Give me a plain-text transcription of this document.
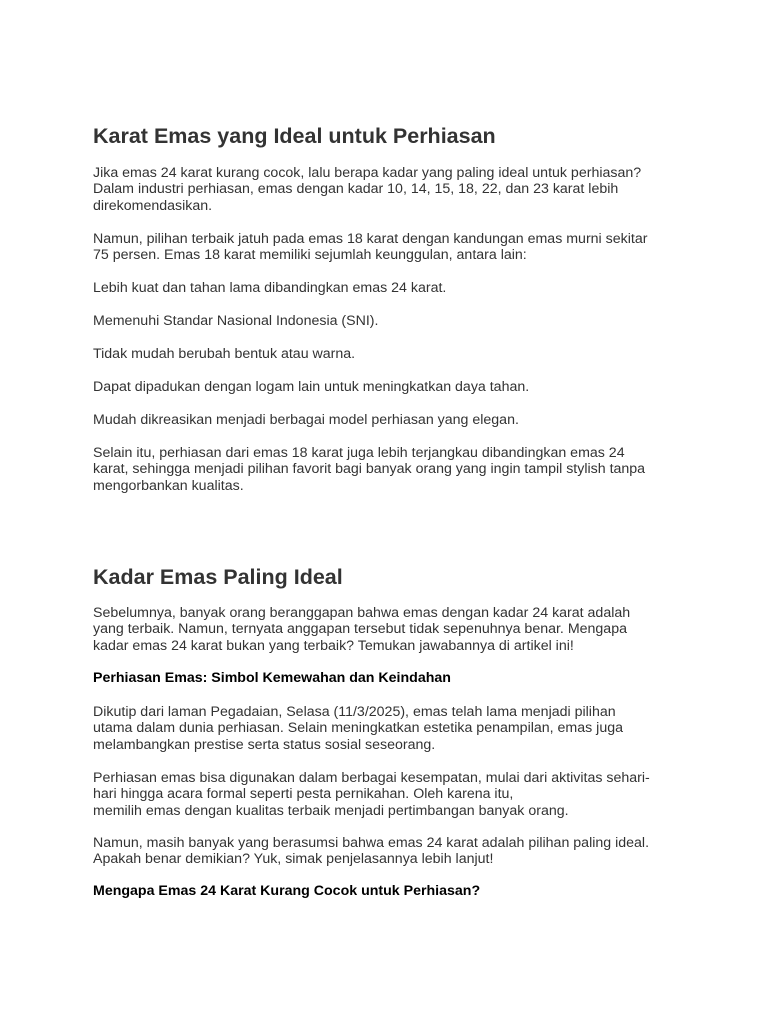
Karat Emas yang Ideal untuk Perhiasan

Jika emas 24 karat kurang cocok, lalu berapa kadar yang paling ideal untuk perhiasan?
Dalam industri perhiasan, emas dengan kadar 10, 14, 15, 18, 22, dan 23 karat lebih
direkomendasikan.

Namun, pilihan terbaik jatuh pada emas 18 karat dengan kandungan emas murni sekitar
75 persen. Emas 18 karat memiliki sejumlah keunggulan, antara lain:

Lebih kuat dan tahan lama dibandingkan emas 24 karat.

Memenuhi Standar Nasional Indonesia (SNI).

Tidak mudah berubah bentuk atau warna.

Dapat dipadukan dengan logam lain untuk meningkatkan daya tahan.

Mudah dikreasikan menjadi berbagai model perhiasan yang elegan.

Selain itu, perhiasan dari emas 18 karat juga lebih terjangkau dibandingkan emas 24
karat, sehingga menjadi pilihan favorit bagi banyak orang yang ingin tampil stylish tanpa
mengorbankan kualitas.

Kadar Emas Paling Ideal

Sebelumnya, banyak orang beranggapan bahwa emas dengan kadar 24 karat adalah
yang terbaik. Namun, ternyata anggapan tersebut tidak sepenuhnya benar. Mengapa
kadar emas 24 karat bukan yang terbaik? Temukan jawabannya di artikel ini!

Perhiasan Emas: Simbol Kemewahan dan Keindahan

Dikutip dari laman Pegadaian, Selasa (11/3/2025), emas telah lama menjadi pilihan
utama dalam dunia perhiasan. Selain meningkatkan estetika penampilan, emas juga
melambangkan prestise serta status sosial seseorang.

Perhiasan emas bisa digunakan dalam berbagai kesempatan, mulai dari aktivitas sehari-
hari hingga acara formal seperti pesta pernikahan. Oleh karena itu,
memilih emas dengan kualitas terbaik menjadi pertimbangan banyak orang.

Namun, masih banyak yang berasumsi bahwa emas 24 karat adalah pilihan paling ideal.
Apakah benar demikian? Yuk, simak penjelasannya lebih lanjut!

Mengapa Emas 24 Karat Kurang Cocok untuk Perhiasan?
